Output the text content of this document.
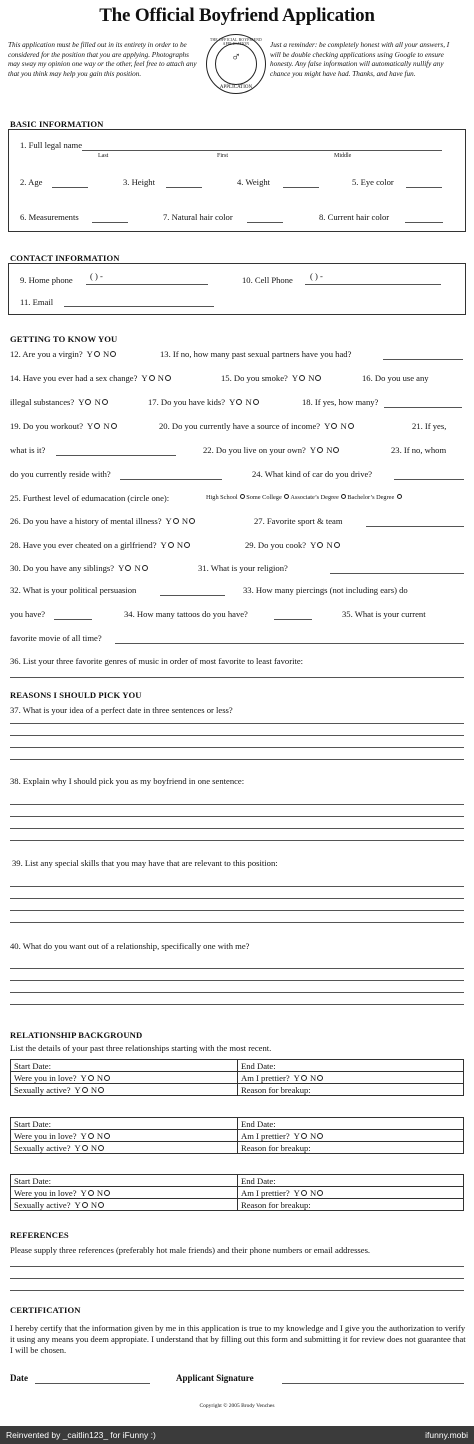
The Official Boyfriend Application
This application must be filled out in its entirety in order to be considered for the position that you are applying. Photographs may sway my opinion one way or the other, feel free to attach any that you think may help you gain this position.
THE OFFICIAL BOYFRIEND APPLICATION
♂
APPLICATION
Just a reminder: be completely honest with all your answers, I will be double checking applications using Google to ensure honesty. Any false information will automatically nullify any chance you might have had. Thanks, and have fun.
BASIC INFORMATION
1. Full legal name
Last	First	Middle
2. Age	3. Height	4. Weight	5. Eye color
6. Measurements	7. Natural hair color	8. Current hair color
CONTACT INFORMATION
9. Home phone ( ) -	10. Cell Phone ( ) -
11. Email
GETTING TO KNOW YOU
12. Are you a virgin? Y N	13. If no, how many past sexual partners have you had?
14. Have you ever had a sex change? Y N	15. Do you smoke? Y N	16. Do you use any
illegal substances? Y N	17. Do you have kids? Y N	18. If yes, how many?
19. Do you workout? Y N	20. Do you currently have a source of income? Y N	21. If yes,
what is it?	22. Do you live on your own? Y N	23. If no, whom
do you currently reside with?	24. What kind of car do you drive?
25. Furthest level of edumacation (circle one):	High School Some College Associate’s Degree Bachelor’s Degree
26. Do you have a history of mental illness? Y N	27. Favorite sport & team
28. Have you ever cheated on a girlfriend? Y N	29. Do you cook? Y N
30. Do you have any siblings? Y N	31. What is your religion?
32. What is your political persuasion	33. How many piercings (not including ears) do
you have?	34. How many tattoos do you have?	35. What is your current
favorite movie of all time?
36. List your three favorite genres of music in order of most favorite to least favorite:
REASONS I SHOULD PICK YOU
37. What is your idea of a perfect date in three sentences or less?
38. Explain why I should pick you as my boyfriend in one sentence:
39. List any special skills that you may have that are relevant to this position:
40. What do you want out of a relationship, specifically one with me?
RELATIONSHIP BACKGROUND
List the details of your past three relationships starting with the most recent.
Start Date:	End Date:
Were you in love? Y N	Am I prettier? Y N
Sexually active? Y N	Reason for breakup:
Start Date:	End Date:
Were you in love? Y N	Am I prettier? Y N
Sexually active? Y N	Reason for breakup:
Start Date:	End Date:
Were you in love? Y N	Am I prettier? Y N
Sexually active? Y N	Reason for breakup:
REFERENCES
Please supply three references (preferably hot male friends) and their phone numbers or email addresses.
CERTIFICATION
I hereby certify that the information given by me in this application is true to my knowledge and I give you the authorization to verify it using any means you deem appropiate. I understand that by filling out this form and submitting it for review does not guarantee that I will be chosen.
Date	Applicant Signature
Copyright © 2005 Brody Venches
Reinvented by _caitlin123_ for iFunny :)	ifunny.mobi
